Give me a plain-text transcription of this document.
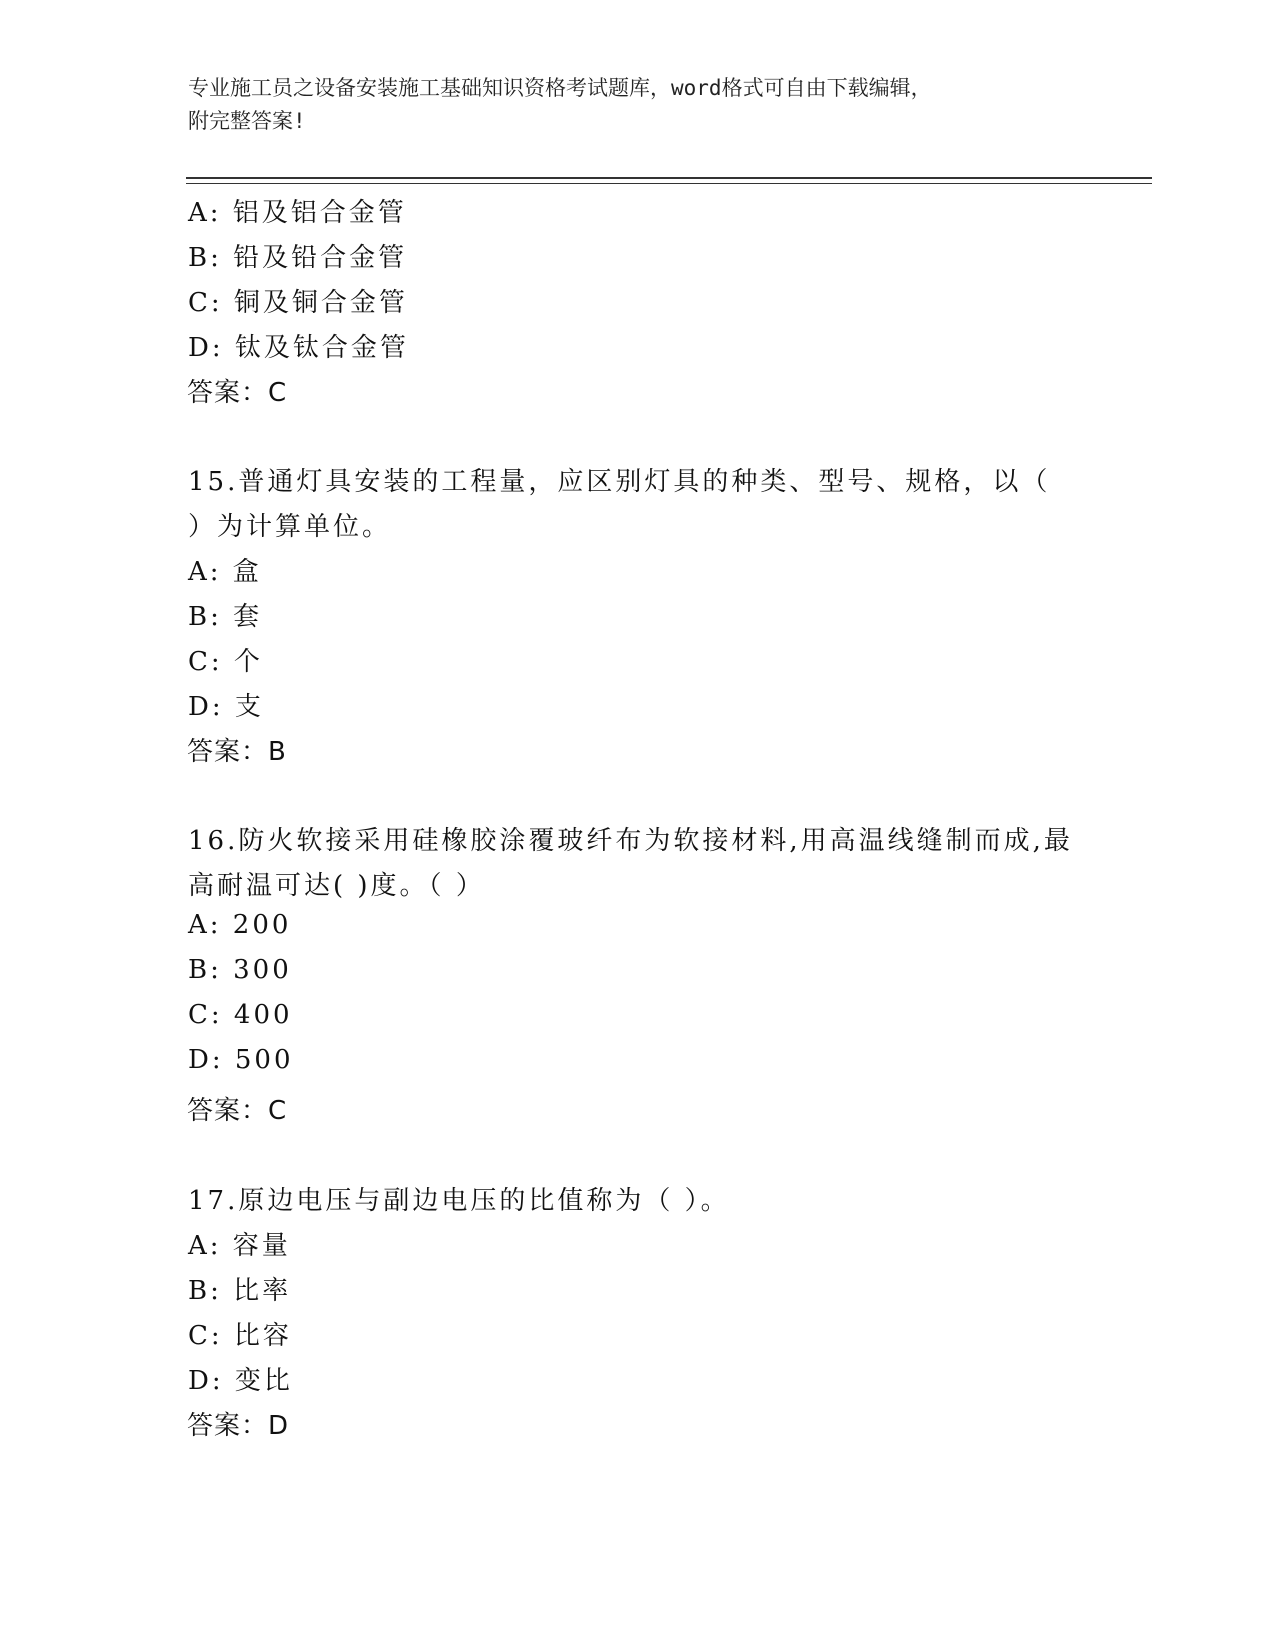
专业施工员之设备安装施工基础知识资格考试题库，word格式可自由下载编辑，
附完整答案!
A: 铝及铝合金管
B: 铅及铅合金管
C: 铜及铜合金管
D: 钛及钛合金管
答案：C
15.普通灯具安装的工程量，应区别灯具的种类、型号、规格，以（
）为计算单位。
A: 盒
B: 套
C: 个
D: 支
答案：B
16.防火软接采用硅橡胶涂覆玻纤布为软接材料,用高温线缝制而成,最
高耐温可达( )度。（ ）
A: 200
B: 300
C: 400
D: 500
答案：C
17.原边电压与副边电压的比值称为（ ）。
A: 容量
B: 比率
C: 比容
D: 变比
答案：D
